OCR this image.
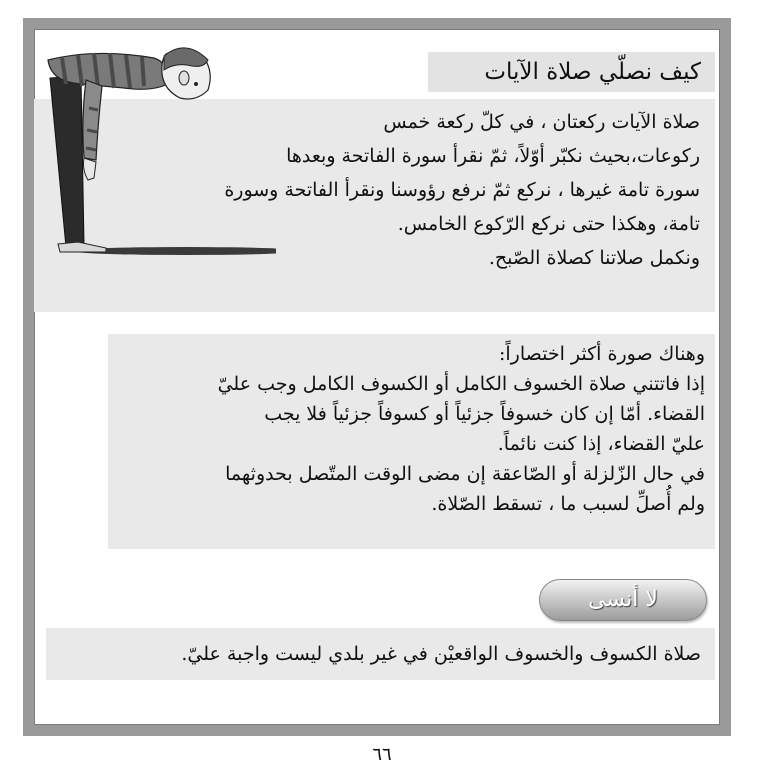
كيف نصلّي صلاة الآيات

صلاة الآيات ركعتان ، في كلّ ركعة خمس

ركوعات،بحيث نكبّر أوّلاً، ثمّ نقرأ سورة الفاتحة وبعدها

سورة تامة غيرها ، نركع ثمّ نرفع رؤوسنا ونقرأ الفاتحة وسورة

تامة، وهكذا حتى نركع الرّكوع الخامس.

ونكمل صلاتنا كصلاة الصّبح.

وهناك صورة أكثر اختصاراً:

إذا فاتتني صلاة الخسوف الكامل أو الكسوف الكامل وجب عليّ

القضاء. أمّا إن كان خسوفاً جزئياً أو كسوفاً جزئياً فلا يجب

عليّ القضاء، إذا كنت نائماً.

في حال الزّلزلة أو الصّاعقة إن مضى الوقت المتّصل بحدوثهما

ولم أُصلِّ لسبب ما ، تسقط الصّلاة.

لا أنسى
صلاة الكسوف والخسوف الواقعيْن في غير بلدي ليست واجبة عليّ.
٦٦
